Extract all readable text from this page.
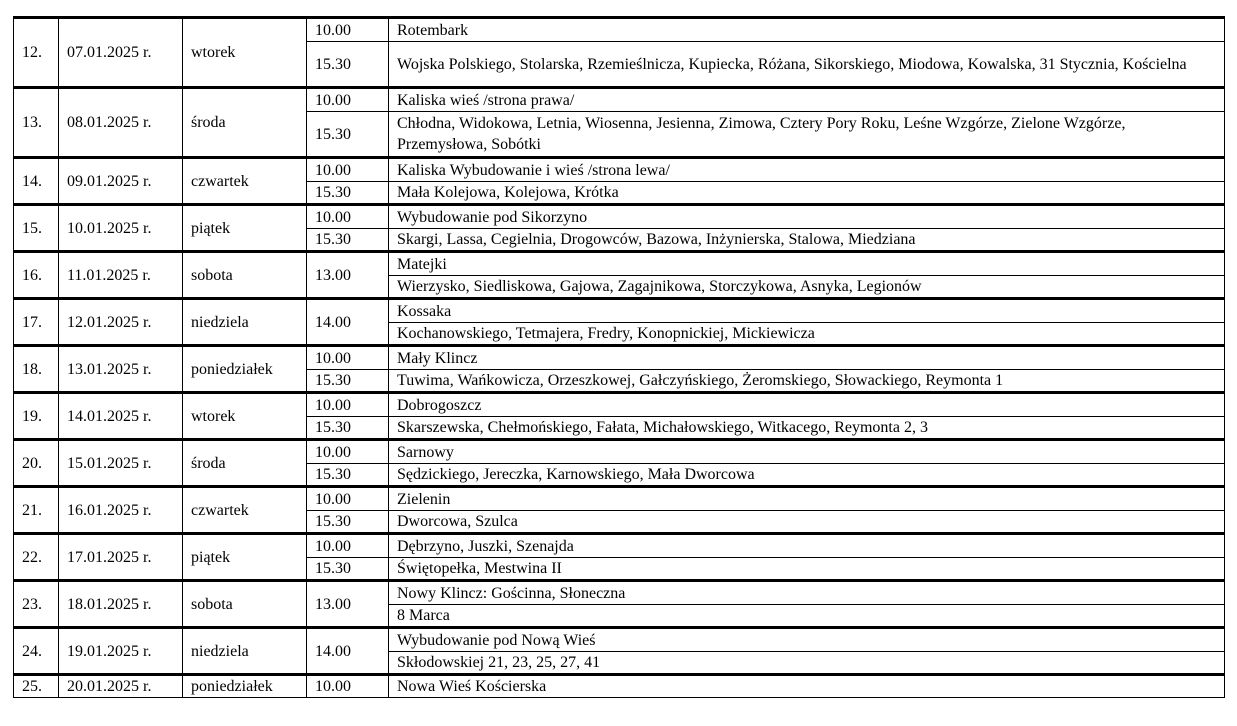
12.	07.01.2025 r.	wtorek	10.00	Rotembark
			15.30	Wojska Polskiego, Stolarska, Rzemieślnicza, Kupiecka, Różana, Sikorskiego, Miodowa, Kowalska, 31 Stycznia, Kościelna
13.	08.01.2025 r.	środa	10.00	Kaliska wieś /strona prawa/
			15.30	Chłodna, Widokowa, Letnia, Wiosenna, Jesienna, Zimowa, Cztery Pory Roku, Leśne Wzgórze, Zielone Wzgórze, Przemysłowa, Sobótki
14.	09.01.2025 r.	czwartek	10.00	Kaliska Wybudowanie i wieś /strona lewa/
			15.30	Mała Kolejowa, Kolejowa, Krótka
15.	10.01.2025 r.	piątek	10.00	Wybudowanie pod Sikorzyno
			15.30	Skargi, Lassa, Cegielnia, Drogowców, Bazowa, Inżynierska, Stalowa, Miedziana
16.	11.01.2025 r.	sobota	13.00	Matejki
				Wierzysko, Siedliskowa, Gajowa, Zagajnikowa, Storczykowa, Asnyka, Legionów
17.	12.01.2025 r.	niedziela	14.00	Kossaka
				Kochanowskiego, Tetmajera, Fredry, Konopnickiej, Mickiewicza
18.	13.01.2025 r.	poniedziałek	10.00	Mały Klincz
			15.30	Tuwima, Wańkowicza, Orzeszkowej, Gałczyńskiego, Żeromskiego, Słowackiego, Reymonta 1
19.	14.01.2025 r.	wtorek	10.00	Dobrogoszcz
			15.30	Skarszewska, Chełmońskiego, Fałata, Michałowskiego, Witkacego, Reymonta 2, 3
20.	15.01.2025 r.	środa	10.00	Sarnowy
			15.30	Sędzickiego, Jereczka, Karnowskiego, Mała Dworcowa
21.	16.01.2025 r.	czwartek	10.00	Zielenin
			15.30	Dworcowa, Szulca
22.	17.01.2025 r.	piątek	10.00	Dębrzyno, Juszki, Szenajda
			15.30	Świętopełka, Mestwina II
23.	18.01.2025 r.	sobota	13.00	Nowy Klincz: Gościnna, Słoneczna
				8 Marca
24.	19.01.2025 r.	niedziela	14.00	Wybudowanie pod Nową Wieś
				Skłodowskiej 21, 23, 25, 27, 41
25.	20.01.2025 r.	poniedziałek	10.00	Nowa Wieś Kościerska
